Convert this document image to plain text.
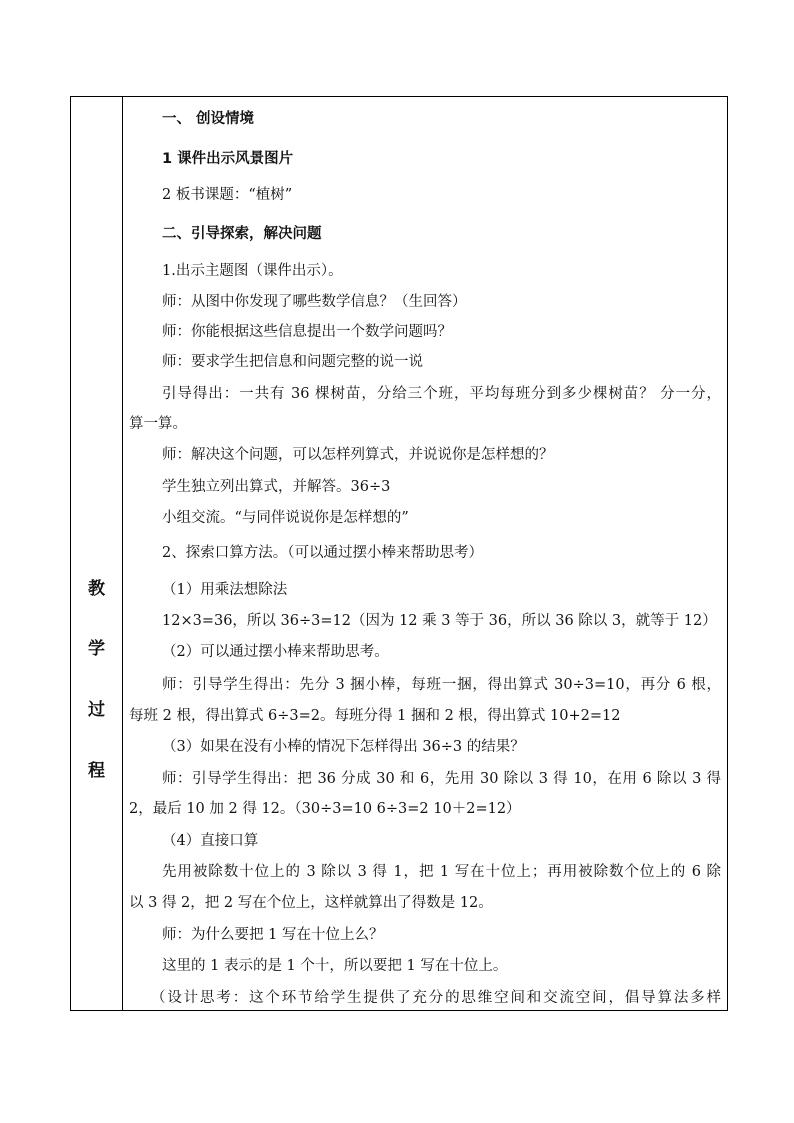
教
学
过
程
一、 创设情境
1 课件出示风景图片
2 板书课题：“植树”
二、引导探索，解决问题
1.出示主题图（课件出示）。
师：从图中你发现了哪些数学信息？（生回答）
师：你能根据这些信息提出一个数学问题吗？
师：要求学生把信息和问题完整的说一说
引导得出：一共有 36 棵树苗，分给三个班，平均每班分到多少棵树苗？ 分一分，
算一算。
师：解决这个问题，可以怎样列算式，并说说你是怎样想的？
学生独立列出算式，并解答。36÷3
小组交流。“与同伴说说你是怎样想的”
2、探索口算方法。（可以通过摆小棒来帮助思考）
（1）用乘法想除法
12×3=36，所以 36÷3=12（因为 12 乘 3 等于 36，所以 36 除以 3，就等于 12）
（2）可以通过摆小棒来帮助思考。
师：引导学生得出：先分 3 捆小棒，每班一捆，得出算式 30÷3=10，再分 6 根，
每班 2 根，得出算式 6÷3=2。每班分得 1 捆和 2 根，得出算式 10+2=12
（3）如果在没有小棒的情况下怎样得出 36÷3 的结果？
师：引导学生得出：把 36 分成 30 和 6，先用 30 除以 3 得 10，在用 6 除以 3 得
2，最后 10 加 2 得 12。（30÷3=10 6÷3=2 10＋2=12）
（4）直接口算
先用被除数十位上的 3 除以 3 得 1，把 1 写在十位上；再用被除数个位上的 6 除
以 3 得 2，把 2 写在个位上，这样就算出了得数是 12。
师：为什么要把 1 写在十位上么？
这里的 1 表示的是 1 个十，所以要把 1 写在十位上。
（设计思考：这个环节给学生提供了充分的思维空间和交流空间，倡导算法多样
